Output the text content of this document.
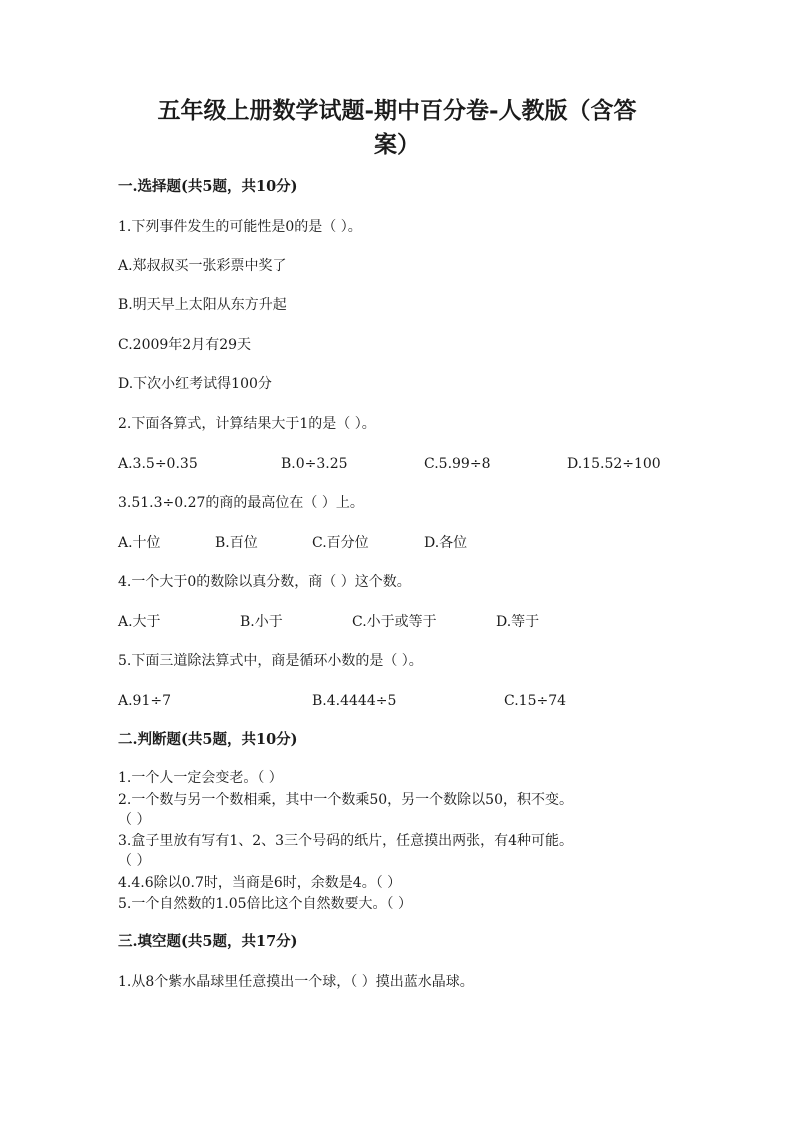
五年级上册数学试题-期中百分卷-人教版（含答
案）
一.选择题(共5题，共10分)
1.下列事件发生的可能性是0的是（ ）。
A.郑叔叔买一张彩票中奖了
B.明天早上太阳从东方升起
C.2009年2月有29天
D.下次小红考试得100分
2.下面各算式，计算结果大于1的是（ ）。
A.3.5÷0.35	B.0÷3.25	C.5.99÷8	D.15.52÷100
3.51.3÷0.27的商的最高位在（ ）上。
A.十位	B.百位	C.百分位	D.各位
4.一个大于0的数除以真分数，商（ ）这个数。
A.大于	B.小于	C.小于或等于	D.等于
5.下面三道除法算式中，商是循环小数的是（ ）。
A.91÷7	B.4.4444÷5	C.15÷74
二.判断题(共5题，共10分)
1.一个人一定会变老。（ ）
2.一个数与另一个数相乘，其中一个数乘50，另一个数除以50，积不变。
（ ）
3.盒子里放有写有1、2、3三个号码的纸片，任意摸出两张，有4种可能。
（ ）
4.4.6除以0.7时，当商是6时，余数是4。（ ）
5.一个自然数的1.05倍比这个自然数要大。（ ）
三.填空题(共5题，共17分)
1.从8个紫水晶球里任意摸出一个球，（ ）摸出蓝水晶球。
